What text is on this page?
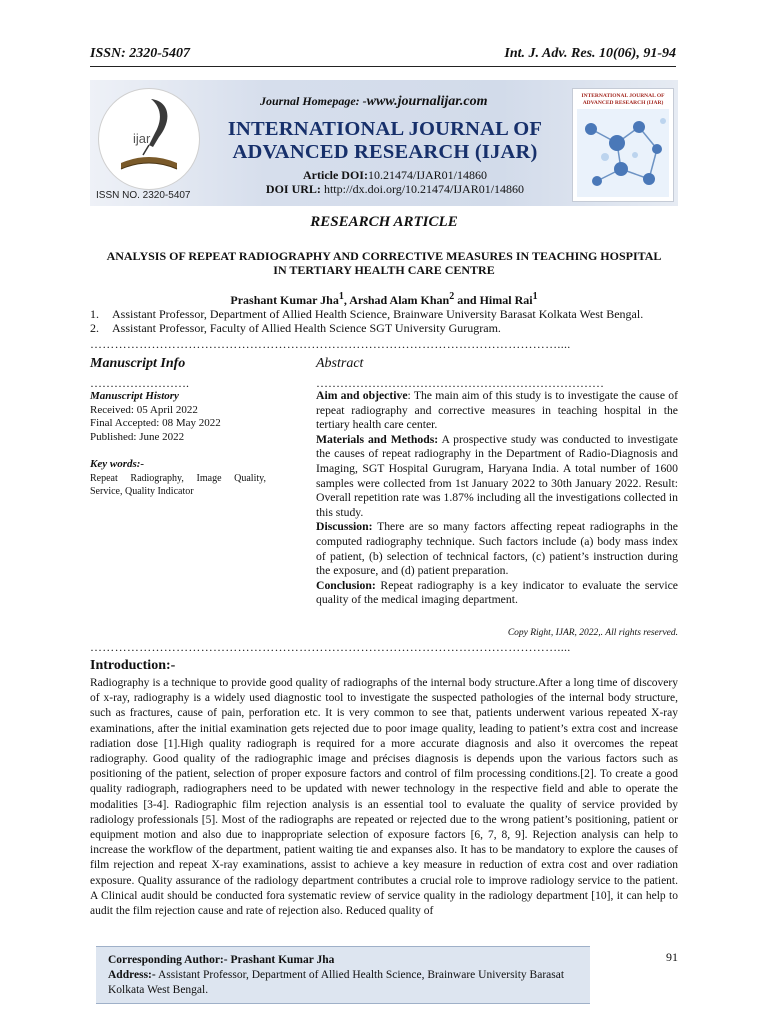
ISSN: 2320-5407	Int. J. Adv. Res. 10(06), 91-94
ijar
ISSN NO. 2320-5407
Journal Homepage: -www.journalijar.com
INTERNATIONAL JOURNAL OF
ADVANCED RESEARCH (IJAR)
Article DOI:10.21474/IJAR01/14860
DOI URL: http://dx.doi.org/10.21474/IJAR01/14860
INTERNATIONAL JOURNAL OF ADVANCED RESEARCH (IJAR)
RESEARCH ARTICLE
ANALYSIS OF REPEAT RADIOGRAPHY AND CORRECTIVE MEASURES IN TEACHING HOSPITAL
IN TERTIARY HEALTH CARE CENTRE
Prashant Kumar Jha$^1$, Arshad Alam Khan$^2$ and Himal Rai$^1$
1. Assistant Professor, Department of Allied Health Science, Brainware University Barasat Kolkata West Bengal.
2. Assistant Professor, Faculty of Allied Health Science SGT University Gurugram.
……………………………………………………………………………………………………....
Manuscript Info	Abstract
…………………….	………………………………………………………………
Manuscript History
Received: 05 April 2022
Final Accepted: 08 May 2022
Published: June 2022
Key words:-
Repeat Radiography, Image Quality, Service, Quality Indicator
Aim and objective: The main aim of this study is to investigate the cause of repeat radiography and corrective measures in teaching hospital in the tertiary health care center.
Materials and Methods: A prospective study was conducted to investigate the causes of repeat radiography in the Department of Radio-Diagnosis and Imaging, SGT Hospital Gurugram, Haryana India. A total number of 1600 samples were collected from 1st January 2022 to 30th January 2022. Result: Overall repetition rate was 1.87% including all the investigations collected in this study.
Discussion: There are so many factors affecting repeat radiographs in the computed radiography technique. Such factors include (a) body mass index of patient, (b) selection of technical factors, (c) patient’s instruction during the exposure, and (d) patient preparation.
Conclusion: Repeat radiography is a key indicator to evaluate the service quality of the medical imaging department.
Copy Right, IJAR, 2022,. All rights reserved.
……………………………………………………………………………………………………....
Introduction:-
Radiography is a technique to provide good quality of radiographs of the internal body structure.After a long time of discovery of x-ray, radiography is a widely used diagnostic tool to investigate the suspected pathologies of the internal body structure, such as fractures, cause of pain, perforation etc. It is very common to see that, patients underwent various repeated X-ray examinations, after the initial examination gets rejected due to poor image quality, leading to patient’s extra cost and increase radiation dose [1].High quality radiograph is required for a more accurate diagnosis and also it overcomes the repeat radiography. Good quality of the radiographic image and précises diagnosis is depends upon the various factors such as positioning of the patient, selection of proper exposure factors and control of film processing conditions.[2]. To create a good quality radiograph, radiographers need to be updated with newer technology in the respective field and able to operate the modalities [3-4]. Radiographic film rejection analysis is an essential tool to evaluate the quality of service provided by radiology professionals [5]. Most of the radiographs are repeated or rejected due to the wrong patient’s positioning, patient or equipment motion and also due to inappropriate selection of exposure factors [6, 7, 8, 9]. Rejection analysis can help to increase the workflow of the department, patient waiting tie and expanses also. It has to be mandatory to explore the causes of film rejection and repeat X-ray examinations, assist to achieve a key measure in reduction of extra cost and over radiation exposure. Quality assurance of the radiology department contributes a crucial role to improve radiology service to the patient. A Clinical audit should be conducted fora systematic review of service quality in the radiology department [10], it can help to audit the film rejection cause and rate of rejection also. Reduced quality of
Corresponding Author:- Prashant Kumar Jha
Address:- Assistant Professor, Department of Allied Health Science, Brainware University Barasat Kolkata West Bengal.
91
